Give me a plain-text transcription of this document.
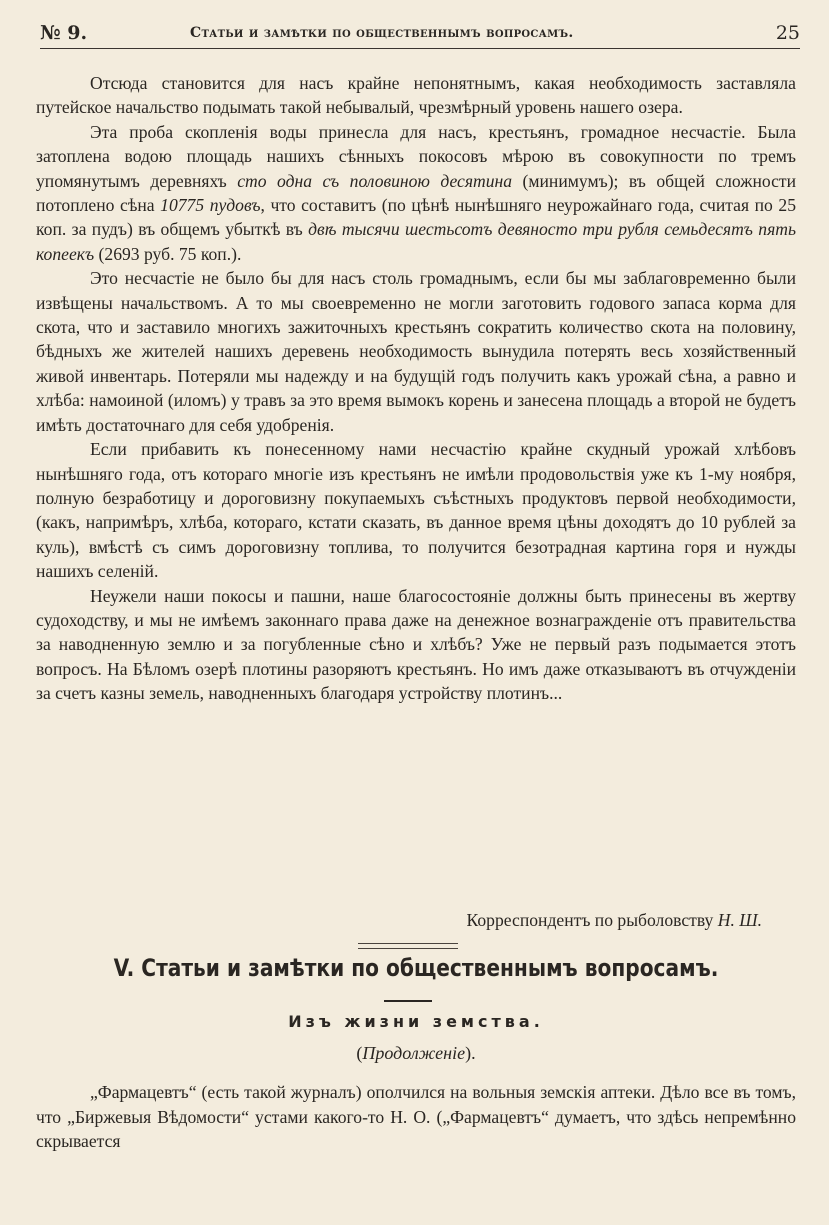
№ 9.	Статьи и замѣтки по общественнымъ вопросамъ.	25

Отсюда становится для насъ крайне непонятнымъ, какая необходимость заставляла путейское начальство подымать такой небывалый, чрезмѣрный уровень нашего озера.

Эта проба скопленія воды принесла для насъ, крестьянъ, громадное несчастіе. Была затоплена водою площадь нашихъ сѣнныхъ покосовъ мѣрою въ совокупности по тремъ упомянутымъ деревняхъ сто одна съ половиною десятина (минимумъ); въ общей сложности потоплено сѣна 10775 пудовъ, что составитъ (по цѣнѣ нынѣшняго неурожайнаго года, считая по 25 коп. за пудъ) въ общемъ убыткѣ въ двѣ тысячи шестьсотъ девяносто три рубля семьдесятъ пять копеекъ (2693 руб. 75 коп.).

Это несчастіе не было бы для насъ столь громаднымъ, если бы мы заблаговременно были извѣщены начальствомъ. А то мы своевременно не могли заготовить годового запаса корма для скота, что и заставило многихъ зажиточныхъ крестьянъ сократить количество скота на половину, бѣдныхъ же жителей нашихъ деревень необходимость вынудила потерять весь хозяйственный живой инвентарь. Потеряли мы надежду и на будущій годъ получить какъ урожай сѣна, а равно и хлѣба: намоиной (иломъ) у травъ за это время вымокъ корень и занесена площадь а второй не будетъ имѣть достаточнаго для себя удобренія.

Если прибавить къ понесенному нами несчастію крайне скудный урожай хлѣбовъ нынѣшняго года, отъ котораго многіе изъ крестьянъ не имѣли продовольствія уже къ 1-му ноября, полную безработицу и дороговизну покупаемыхъ съѣстныхъ продуктовъ первой необходимости, (какъ, напримѣръ, хлѣба, котораго, кстати сказать, въ данное время цѣны доходятъ до 10 рублей за куль), вмѣстѣ съ симъ дороговизну топлива, то получится безотрадная картина горя и нужды нашихъ селеній.

Неужели наши покосы и пашни, наше благосостояніе должны быть принесены въ жертву судоходству, и мы не имѣемъ законнаго права даже на денежное вознагражденіе отъ правительства за наводненную землю и за погубленные сѣно и хлѣбъ? Уже не первый разъ подымается этотъ вопросъ. На Бѣломъ озерѣ плотины разоряютъ крестьянъ. Но имъ даже отказываютъ въ отчужденіи за счетъ казны земель, наводненныхъ благодаря устройству плотинъ...

Корреспондентъ по рыболовству Н. Ш.
V. Статьи и замѣтки по общественнымъ вопросамъ.
Изъ жизни земства.
(Продолженіе).

„Фармацевтъ“ (есть такой журналъ) ополчился на вольныя земскія аптеки. Дѣло все въ томъ, что „Биржевыя Вѣдомости“ устами какого-то Н. О. („Фармацевтъ“ думаетъ, что здѣсь непремѣнно скрывается
